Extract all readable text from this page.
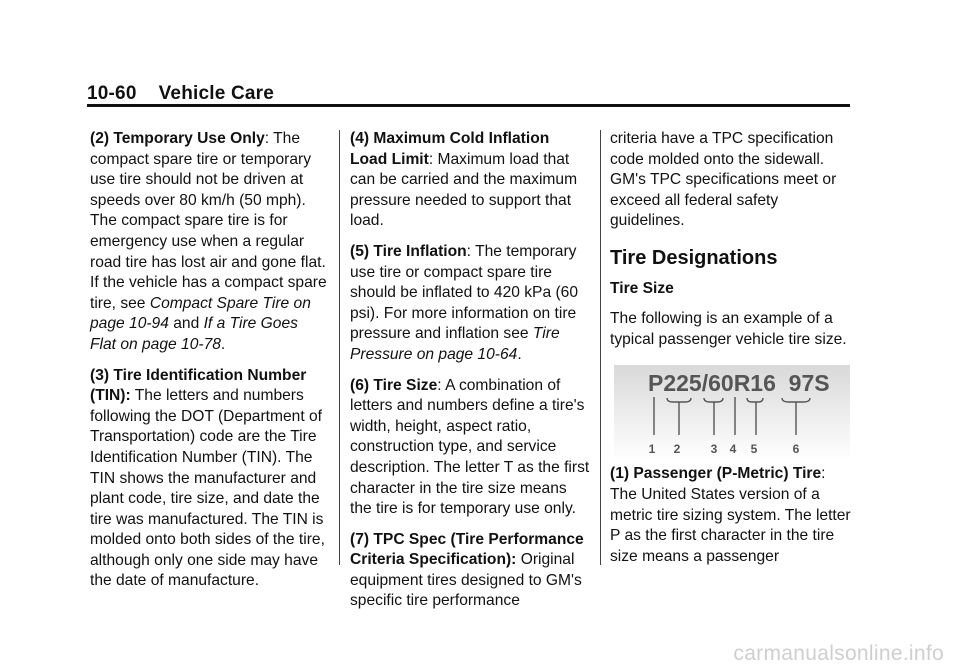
10-60 Vehicle Care

(2) Temporary Use Only: The compact spare tire or temporary use tire should not be driven at speeds over 80 km/h (50 mph). The compact spare tire is for emergency use when a regular road tire has lost air and gone flat. If the vehicle has a compact spare tire, see Compact Spare Tire on page 10-94 and If a Tire Goes Flat on page 10-78.

(3) Tire Identification Number (TIN): The letters and numbers following the DOT (Department of Transportation) code are the Tire Identification Number (TIN). The TIN shows the manufacturer and plant code, tire size, and date the tire was manufactured. The TIN is molded onto both sides of the tire, although only one side may have the date of manufacture.

(4) Maximum Cold Inflation Load Limit: Maximum load that can be carried and the maximum pressure needed to support that load.

(5) Tire Inflation: The temporary use tire or compact spare tire should be inflated to 420 kPa (60 psi). For more information on tire pressure and inflation see Tire Pressure on page 10-64.

(6) Tire Size: A combination of letters and numbers define a tire's width, height, aspect ratio, construction type, and service description. The letter T as the first character in the tire size means the tire is for temporary use only.

(7) TPC Spec (Tire Performance Criteria Specification): Original equipment tires designed to GM's specific tire performance

criteria have a TPC specification code molded onto the sidewall. GM's TPC specifications meet or exceed all federal safety guidelines.

Tire Designations
Tire Size

The following is an example of a typical passenger vehicle tire size.

P225/60R16  97S
1 2	3 4 5	6

(1) Passenger (P-Metric) Tire: The United States version of a metric tire sizing system. The letter P as the first character in the tire size means a passenger

carmanualsonline.info
